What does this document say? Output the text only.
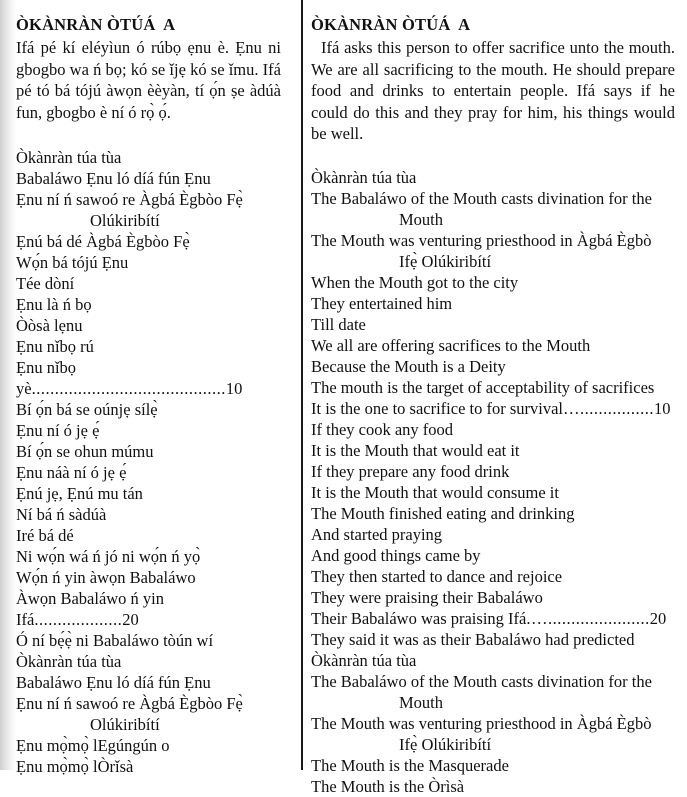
ÒKÀNRÀN ÒTÚÁ  A

Ifá pé kí eléyìun ó rúbọ ẹnu è. Ẹnu ni gbogbo wa ń bọ; kó se ǐjẹ kó se ǐmu. Ifá pé tó bá tójú àwọn èèyàn, tí ọ́n ṣe àdúà fun, gbogbo è ní ó rọ̀ ọ́.

Òkànràn túa tùa
Babaláwo Ẹnu ló díá fún Ẹnu
Ẹnu ní ń sawoó re Àgbá Ègbòo Fẹ̀
Olúkiribítí
Ẹnú bá dé Àgbá Ègbòo Fẹ̀
Wọ́n bá tójú Ẹnu
Tée dòní
Ẹnu là ń bọ
Òòsà lẹnu
Ẹnu nǐbọ rú
Ẹnu nǐbọ yè..........................................10
Bí ọ́n bá se oúnjẹ sílẹ̀
Ẹnu ní ó jẹ ẹ́
Bí ọ́n se ohun múmu
Ẹnu náà ní ó jẹ ẹ́
Ẹnú jẹ, Ẹnú mu tán
Ní bá ń sàdúà
Iré bá dé
Ni wọ́n wá ń jó ni wọ́n ń yọ̀
Wọ́n ń yin àwọn Babaláwo
Àwọn Babaláwo ń yin Ifá...................20
Ó ní bẹ́ẹ̀ ni Babaláwo tòún wí
Òkànràn túa tùa
Babaláwo Ẹnu ló díá fún Ẹnu
Ẹnu ní ń sawoó re Àgbá Ègbòo Fẹ̀
Olúkiribítí
Ẹnu mọ̀mọ̀ lEgúngún o
Ẹnu mọ̀mọ̀ lÒrǐsà
ÒKÀNRÀN ÒTÚÁ  A

Ifá asks this person to offer sacrifice unto the mouth. We are all sacrificing to the mouth. He should prepare food and drinks to entertain people. Ifá says if he could do this and they pray for him, his things would be well.

Òkànràn túa tùa
The Babaláwo of the Mouth casts divination for the
Mouth
The Mouth was venturing priesthood in Àgbá Ègbò
Ifẹ̀ Olúkiribítí
When the Mouth got to the city
They entertained him
Till date
We all are offering sacrifices to the Mouth
Because the Mouth is a Deity
The mouth is the target of acceptability of sacrifices
It is the one to sacrifice to for survival…................10
If they cook any food
It is the Mouth that would eat it
If they prepare any food drink
It is the Mouth that would consume it
The Mouth finished eating and drinking
And started praying
And good things came by
They then started to dance and rejoice
They were praising their Babaláwo
Their Babaláwo was praising Ifá.…......................20
They said it was as their Babaláwo had predicted
Òkànràn túa tùa
The Babaláwo of the Mouth casts divination for the
Mouth
The Mouth was venturing priesthood in Àgbá Ègbò
Ifẹ̀ Olúkiribítí
The Mouth is the Masquerade
The Mouth is the Òrìsà
